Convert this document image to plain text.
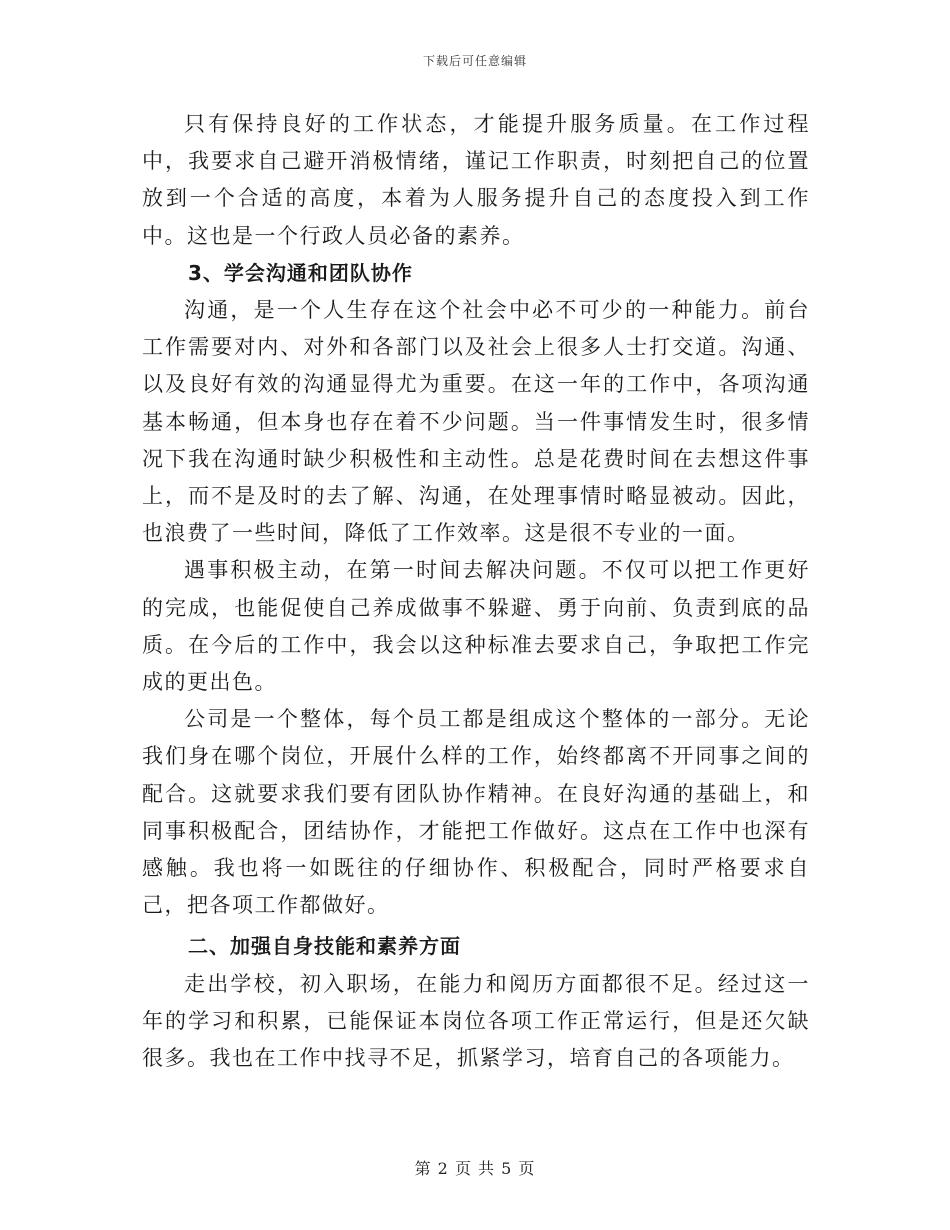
下载后可任意编辑

只有保持良好的工作状态，才能提升服务质量。在工作过程中，我要求自己避开消极情绪，谨记工作职责，时刻把自己的位置放到一个合适的高度，本着为人服务提升自己的态度投入到工作中。这也是一个行政人员必备的素养。

3、学会沟通和团队协作

沟通，是一个人生存在这个社会中必不可少的一种能力。前台工作需要对内、对外和各部门以及社会上很多人士打交道。沟通、以及良好有效的沟通显得尤为重要。在这一年的工作中，各项沟通基本畅通，但本身也存在着不少问题。当一件事情发生时，很多情况下我在沟通时缺少积极性和主动性。总是花费时间在去想这件事上，而不是及时的去了解、沟通，在处理事情时略显被动。因此，也浪费了一些时间，降低了工作效率。这是很不专业的一面。

遇事积极主动，在第一时间去解决问题。不仅可以把工作更好的完成，也能促使自己养成做事不躲避、勇于向前、负责到底的品质。在今后的工作中，我会以这种标准去要求自己，争取把工作完成的更出色。

公司是一个整体，每个员工都是组成这个整体的一部分。无论我们身在哪个岗位，开展什么样的工作，始终都离不开同事之间的配合。这就要求我们要有团队协作精神。在良好沟通的基础上，和同事积极配合，团结协作，才能把工作做好。这点在工作中也深有感触。我也将一如既往的仔细协作、积极配合，同时严格要求自己，把各项工作都做好。

二、加强自身技能和素养方面

走出学校，初入职场，在能力和阅历方面都很不足。经过这一年的学习和积累，已能保证本岗位各项工作正常运行，但是还欠缺很多。我也在工作中找寻不足，抓紧学习，培育自己的各项能力。

第 2 页 共 5 页
